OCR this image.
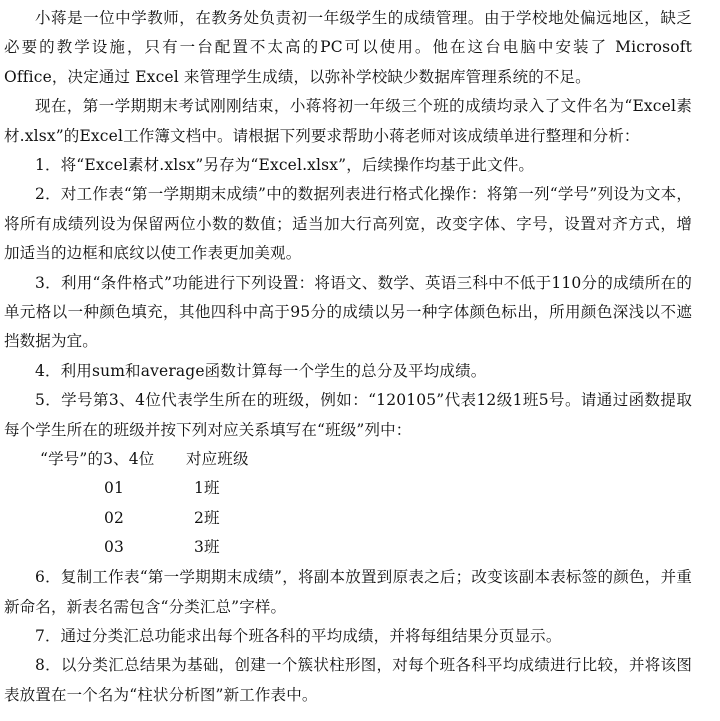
小蒋是一位中学教师，在教务处负责初一年级学生的成绩管理。由于学校地处偏远地区，缺乏必要的教学设施，只有一台配置不太高的PC可以使用。他在这台电脑中安装了 Microsoft Office，决定通过 Excel 来管理学生成绩，以弥补学校缺少数据库管理系统的不足。

现在，第一学期期末考试刚刚结束，小蒋将初一年级三个班的成绩均录入了文件名为“Excel素材.xlsx”的Excel工作簿文档中。请根据下列要求帮助小蒋老师对该成绩单进行整理和分析：

1．将“Excel素材.xlsx”另存为“Excel.xlsx”，后续操作均基于此文件。

2．对工作表“第一学期期末成绩”中的数据列表进行格式化操作：将第一列“学号”列设为文本，将所有成绩列设为保留两位小数的数值；适当加大行高列宽，改变字体、字号，设置对齐方式，增加适当的边框和底纹以使工作表更加美观。

3．利用“条件格式”功能进行下列设置：将语文、数学、英语三科中不低于110分的成绩所在的单元格以一种颜色填充，其他四科中高于95分的成绩以另一种字体颜色标出，所用颜色深浅以不遮挡数据为宜。

4．利用sum和average函数计算每一个学生的总分及平均成绩。

5．学号第3、4位代表学生所在的班级，例如：“120105”代表12级1班5号。请通过函数提取每个学生所在的班级并按下列对应关系填写在“班级”列中：

“学号”的3、4位 对应班级
01	1班
02	2班
03	3班

6．复制工作表“第一学期期末成绩”，将副本放置到原表之后；改变该副本表标签的颜色，并重新命名，新表名需包含“分类汇总”字样。

7．通过分类汇总功能求出每个班各科的平均成绩，并将每组结果分页显示。

8．以分类汇总结果为基础，创建一个簇状柱形图，对每个班各科平均成绩进行比较，并将该图表放置在一个名为“柱状分析图”新工作表中。
